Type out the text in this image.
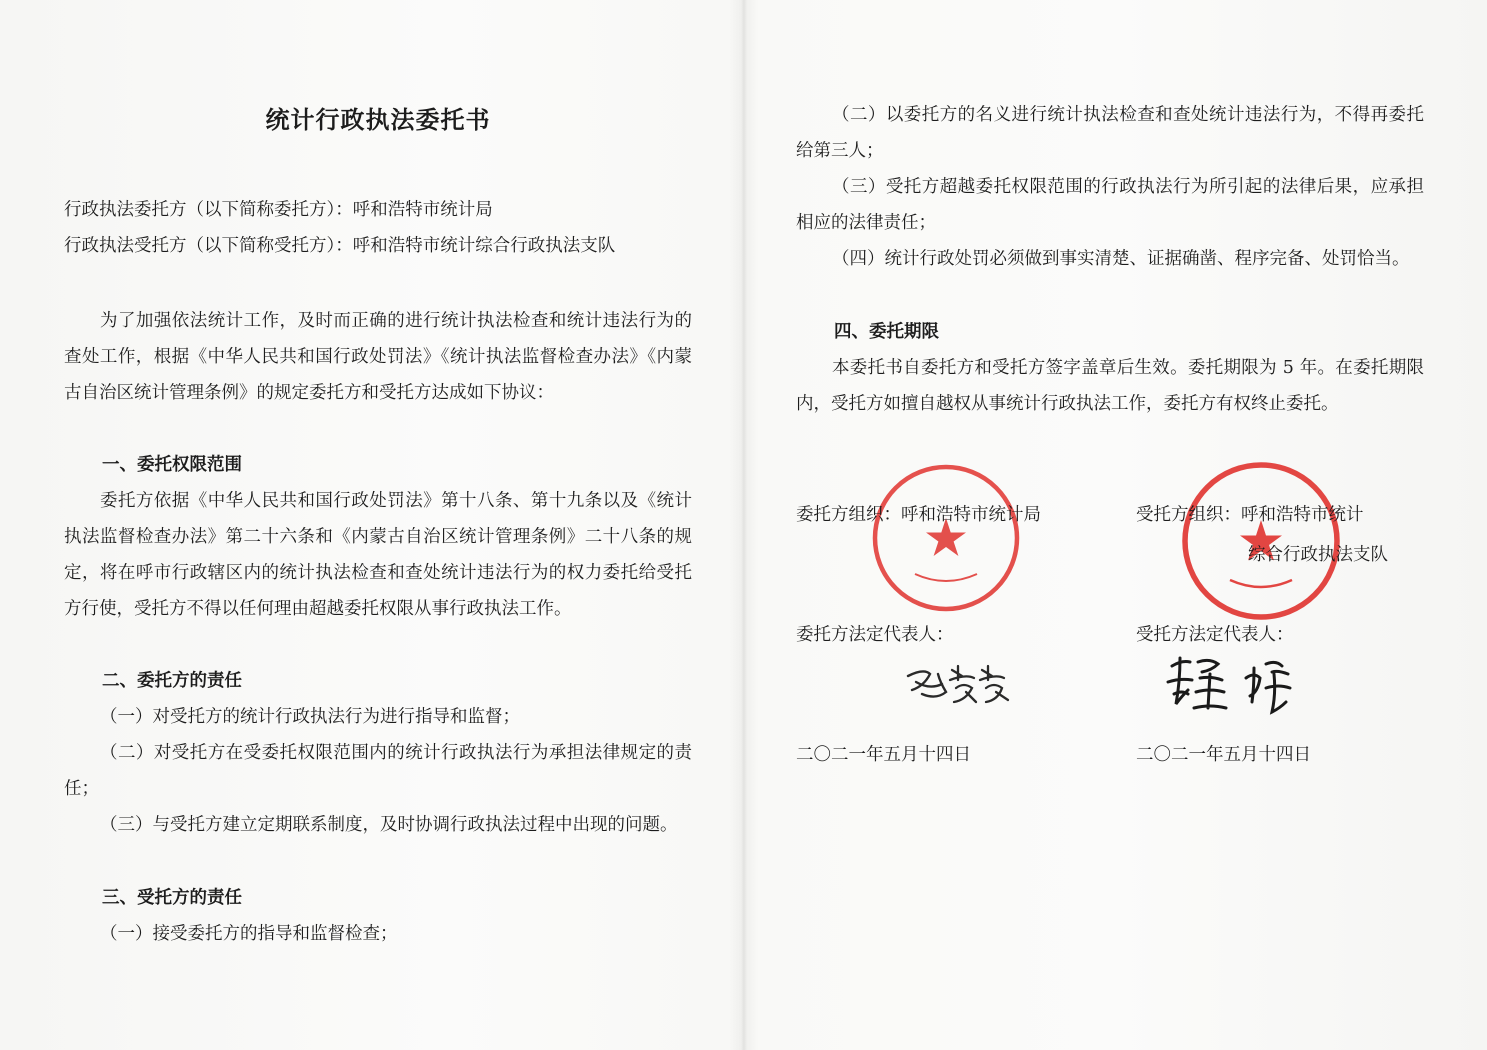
统计行政执法委托书
行政执法委托方（以下简称委托方）：呼和浩特市统计局
行政执法受托方（以下简称受托方）：呼和浩特市统计综合行政执法支队
为了加强依法统计工作，及时而正确的进行统计执法检查和统计违法行为的查处工作，根据《中华人民共和国行政处罚法》《统计执法监督检查办法》《内蒙古自治区统计管理条例》的规定委托方和受托方达成如下协议：
一、委托权限范围
委托方依据《中华人民共和国行政处罚法》第十八条、第十九条以及《统计执法监督检查办法》第二十六条和《内蒙古自治区统计管理条例》二十八条的规定，将在呼市行政辖区内的统计执法检查和查处统计违法行为的权力委托给受托方行使，受托方不得以任何理由超越委托权限从事行政执法工作。
二、委托方的责任
（一）对受托方的统计行政执法行为进行指导和监督；
（二）对受托方在受委托权限范围内的统计行政执法行为承担法律规定的责任；
（三）与受托方建立定期联系制度，及时协调行政执法过程中出现的问题。
三、受托方的责任
（一）接受委托方的指导和监督检查；
（二）以委托方的名义进行统计执法检查和查处统计违法行为，不得再委托给第三人；
（三）受托方超越委托权限范围的行政执法行为所引起的法律后果，应承担相应的法律责任；
（四）统计行政处罚必须做到事实清楚、证据确凿、程序完备、处罚恰当。
四、委托期限
本委托书自委托方和受托方签字盖章后生效。委托期限为 5 年。在委托期限内，受托方如擅自越权从事统计行政执法工作，委托方有权终止委托。
委托方组织：呼和浩特市统计局	受托方组织：呼和浩特市统计
综合行政执法支队
委托方法定代表人：	受托方法定代表人：
二〇二一年五月十四日	二〇二一年五月十四日
